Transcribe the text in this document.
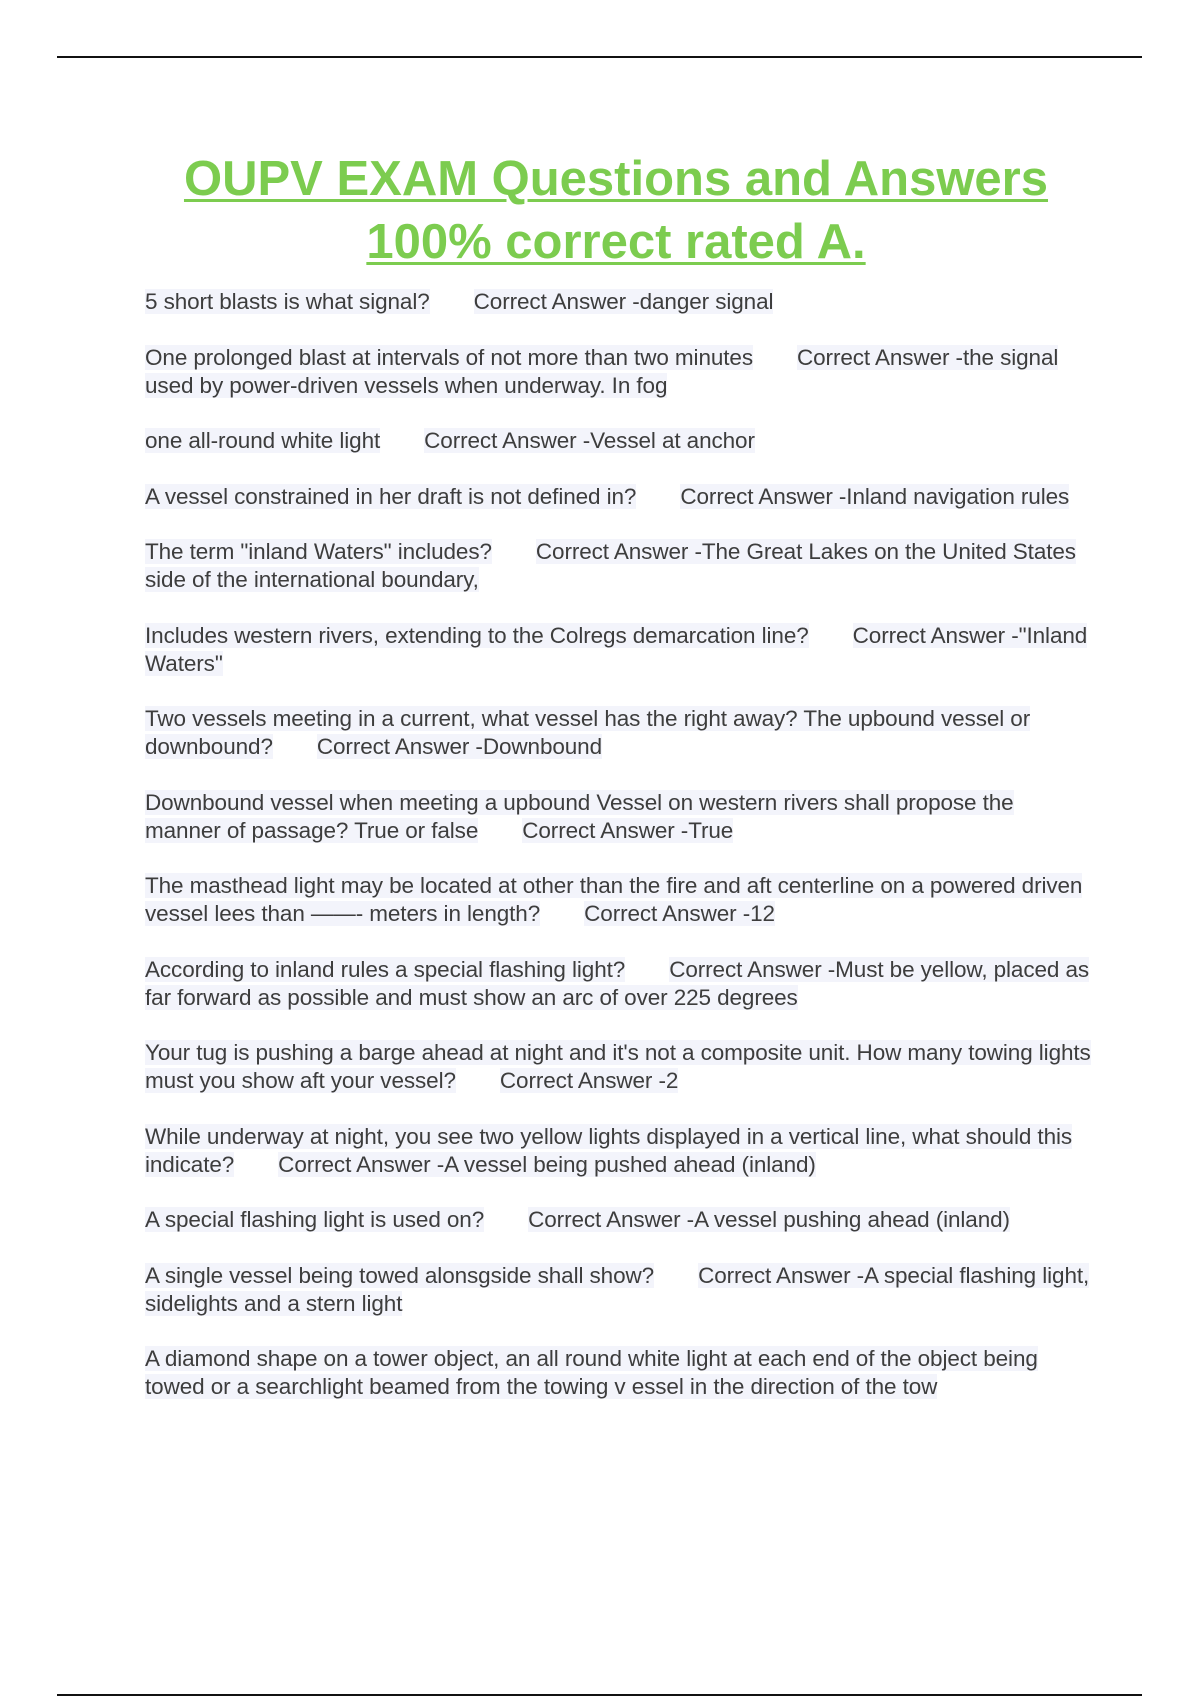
OUPV EXAM Questions and Answers
100% correct rated A.
5 short blasts is what signal? Correct Answer -danger signal
One prolonged blast at intervals of not more than two minutes Correct Answer -the signal used by power-driven vessels when underway. In fog
one all-round white light Correct Answer -Vessel at anchor
A vessel constrained in her draft is not defined in? Correct Answer -Inland navigation rules
The term "inland Waters" includes? Correct Answer -The Great Lakes on the United States side of the international boundary,
Includes western rivers, extending to the Colregs demarcation line? Correct Answer -"Inland Waters"
Two vessels meeting in a current, what vessel has the right away? The upbound vessel or downbound? Correct Answer -Downbound
Downbound vessel when meeting a upbound Vessel on western rivers shall propose the manner of passage? True or false Correct Answer -True
The masthead light may be located at other than the fire and aft centerline on a powered driven vessel lees than ——- meters in length? Correct Answer -12
According to inland rules a special flashing light? Correct Answer -Must be yellow, placed as far forward as possible and must show an arc of over 225 degrees
Your tug is pushing a barge ahead at night and it's not a composite unit. How many towing lights must you show aft your vessel? Correct Answer -2
While underway at night, you see two yellow lights displayed in a vertical line, what should this indicate? Correct Answer -A vessel being pushed ahead (inland)
A special flashing light is used on? Correct Answer -A vessel pushing ahead (inland)
A single vessel being towed alonsgside shall show? Correct Answer -A special flashing light, sidelights and a stern light
A diamond shape on a tower object, an all round white light at each end of the object being towed or a searchlight beamed from the towing v essel in the direction of the tow
